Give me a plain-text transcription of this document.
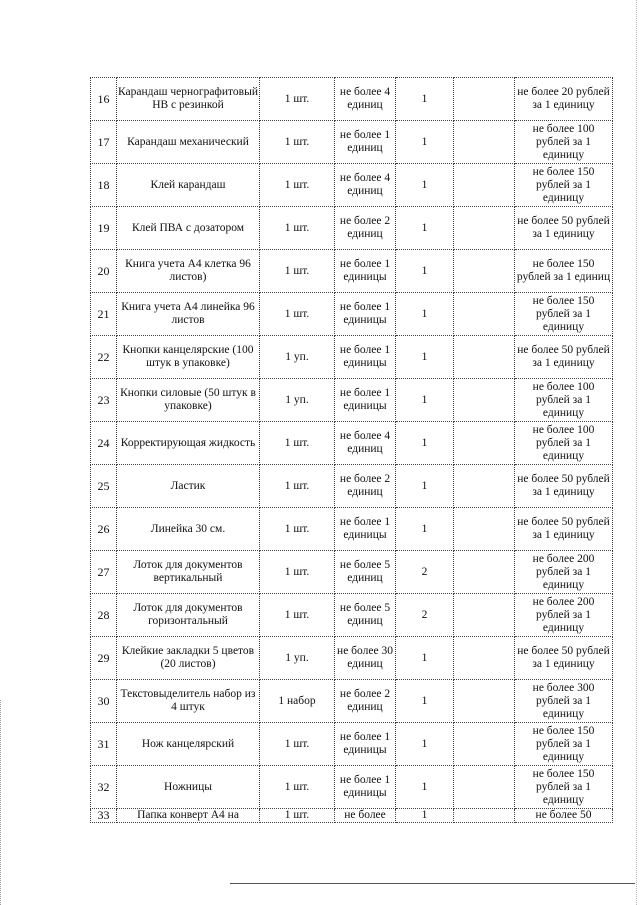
16	Карандаш чернографитовый НВ с резинкой	1 шт.	не более 4 единиц	1		не более 20 рублей за 1 единицу
17	Карандаш механический	1 шт.	не более 1 единиц	1		не более 100 рублей за 1 единицу
18	Клей карандаш	1 шт.	не более 4 единиц	1		не более 150 рублей за 1 единицу
19	Клей ПВА с дозатором	1 шт.	не более 2 единиц	1		не более 50 рублей за 1 единицу
20	Книга учета А4 клетка 96 листов)	1 шт.	не более 1 единицы	1		не более 150 рублей за 1 единиц
21	Книга учета А4 линейка 96 листов	1 шт.	не более 1 единицы	1		не более 150 рублей за 1 единицу
22	Кнопки канцелярские (100 штук в упаковке)	1 уп.	не более 1 единицы	1		не более 50 рублей за 1 единицу
23	Кнопки силовые (50 штук в упаковке)	1 уп.	не более 1 единицы	1		не более 100 рублей за 1 единицу
24	Корректирующая жидкость	1 шт.	не более 4 единиц	1		не более 100 рублей за 1 единицу
25	Ластик	1 шт.	не более 2 единиц	1		не более 50 рублей за 1 единицу
26	Линейка 30 см.	1 шт.	не более 1 единицы	1		не более 50 рублей за 1 единицу
27	Лоток для документов вертикальный	1 шт.	не более 5 единиц	2		не более 200 рублей за 1 единицу
28	Лоток для документов горизонтальный	1 шт.	не более 5 единиц	2		не более 200 рублей за 1 единицу
29	Клейкие закладки 5 цветов (20 листов)	1 уп.	не более 30 единиц	1		не более 50 рублей за 1 единицу
30	Текстовыделитель набор из 4 штук	1 набор	не более 2 единиц	1		не более 300 рублей за 1 единицу
31	Нож канцелярский	1 шт.	не более 1 единицы	1		не более 150 рублей за 1 единицу
32	Ножницы	1 шт.	не более 1 единицы	1		не более 150 рублей за 1 единицу
33	Папка конверт А4 на	1 шт.	не более	1		не более 50
